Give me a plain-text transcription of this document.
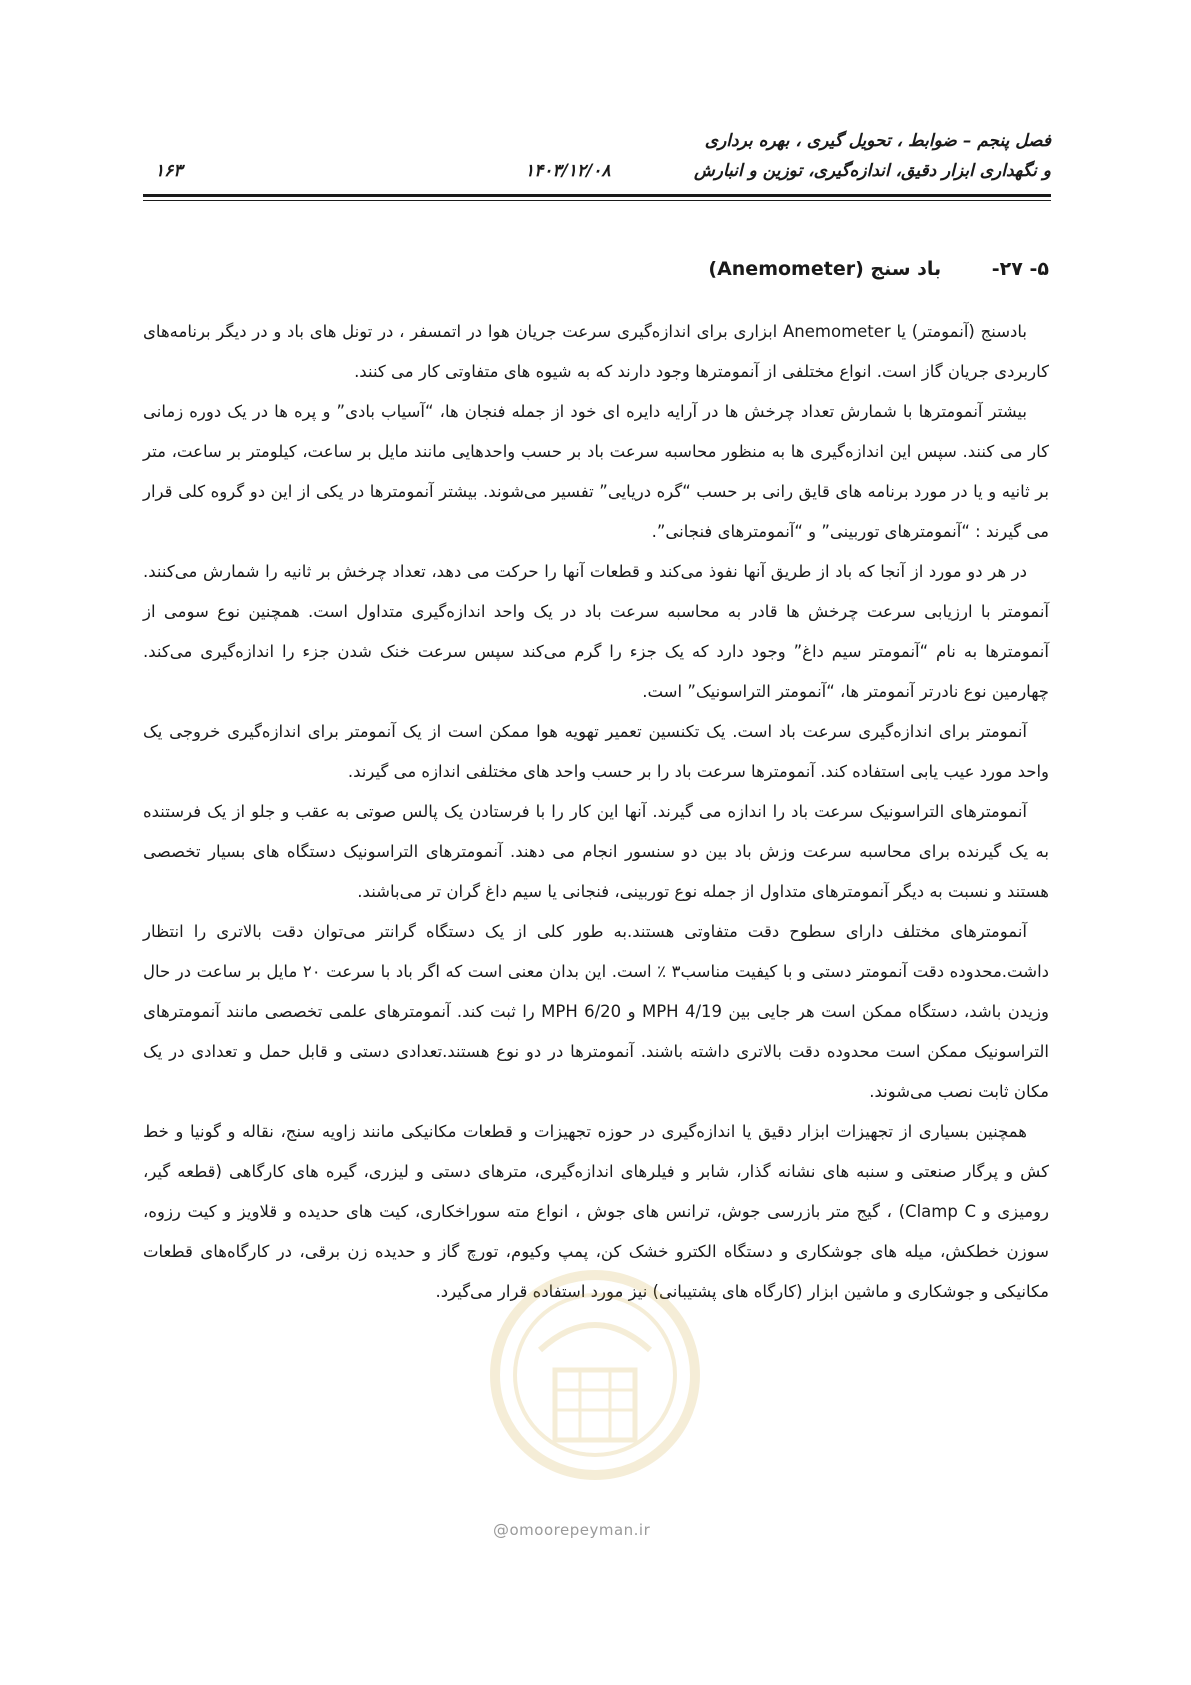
فصل پنجم – ضوابط ، تحویل گیری ، بهره برداری
و نگهداری ابزار دقیق، اندازه‌گیری، توزین و انبارش
۱۴۰۳/۱۲/۰۸
۱۶۳
۵- ۲۷- باد سنج (Anemometer)

بادسنج (آنمومتر) یا Anemometer ابزاری برای اندازه‌گیری سرعت جریان هوا در اتمسفر ، در تونل های باد و در دیگر برنامه‌های کاربردی جریان گاز است. انواع مختلفی از آنمومترها وجود دارند که به شیوه های متفاوتی کار می کنند.

بیشتر آنمومترها با شمارش تعداد چرخش ها در آرایه دایره ای خود از جمله فنجان ها، “آسیاب بادی” و پره ها در یک دوره زمانی کار می کنند. سپس این اندازه‌گیری ها به منظور محاسبه سرعت باد بر حسب واحدهایی مانند مایل بر ساعت، کیلومتر بر ساعت، متر بر ثانیه و یا در مورد برنامه های قایق رانی بر حسب “گره دریایی” تفسیر می‌شوند. بیشتر آنمومترها در یکی از این دو گروه کلی قرار می گیرند : “آنمومترهای توربینی” و “آنمومترهای فنجانی”.

در هر دو مورد از آنجا که باد از طریق آنها نفوذ می‌کند و قطعات آنها را حرکت می دهد، تعداد چرخش بر ثانیه را شمارش می‌کنند. آنمومتر با ارزیابی سرعت چرخش ها قادر به محاسبه سرعت باد در یک واحد اندازه‌گیری متداول است. همچنین نوع سومی از آنمومترها به نام “آنمومتر سیم داغ” وجود دارد که یک جزء را گرم می‌کند سپس سرعت خنک شدن جزء را اندازه‌گیری می‌کند. چهارمین نوع نادرتر آنمومتر ها، “آنمومتر التراسونیک” است.

آنمومتر برای اندازه‌گیری سرعت باد است. یک تکنسین تعمیر تهویه هوا ممکن است از یک آنمومتر برای اندازه‌گیری خروجی یک واحد مورد عیب یابی استفاده کند. آنمومترها سرعت باد را بر حسب واحد های مختلفی اندازه می گیرند.

آنمومترهای التراسونیک سرعت باد را اندازه می گیرند. آنها این کار را با فرستادن یک پالس صوتی به عقب و جلو از یک فرستنده به یک گیرنده برای محاسبه سرعت وزش باد بین دو سنسور انجام می دهند. آنمومترهای التراسونیک دستگاه های بسیار تخصصی هستند و نسبت به دیگر آنمومترهای متداول از جمله نوع توربینی، فنجانی یا سیم داغ گران تر می‌باشند.

آنمومترهای مختلف دارای سطوح دقت متفاوتی هستند.به طور کلی از یک دستگاه گرانتر می‌توان دقت بالاتری را انتظار داشت.محدوده دقت آنمومتر دستی و با کیفیت مناسب۳ ٪ است. این بدان معنی است که اگر باد با سرعت ۲۰ مایل بر ساعت در حال وزیدن باشد، دستگاه ممکن است هر جایی بین MPH 4/19 و MPH 6/20 را ثبت کند. آنمومترهای علمی تخصصی مانند آنمومترهای التراسونیک ممکن است محدوده دقت بالاتری داشته باشند. آنمومترها در دو نوع هستند.تعدادی دستی و قابل حمل و تعدادی در یک مکان ثابت نصب می‌شوند.

همچنین بسیاری از تجهیزات ابزار دقیق یا اندازه‌گیری در حوزه تجهیزات و قطعات مکانیکی مانند زاویه سنج، نقاله و گونیا و خط کش و پرگار صنعتی و سنبه های نشانه گذار، شابر و فیلرهای اندازه‌گیری، مترهای دستی و لیزری، گیره های کارگاهی (قطعه گیر، رومیزی و Clamp C) ، گیج متر بازرسی جوش، ترانس های جوش ، انواع مته سوراخکاری، کیت های حدیده و قلاویز و کیت رزوه، سوزن خطکش، میله های جوشکاری و دستگاه الکترو خشک کن، پمپ وکیوم، تورچ گاز و حدیده زن برقی، در کارگاه‌های قطعات مکانیکی و جوشکاری و ماشین ابزار (کارگاه های پشتیبانی) نیز مورد استفاده قرار می‌گیرد.

@omoorepeyman.ir
